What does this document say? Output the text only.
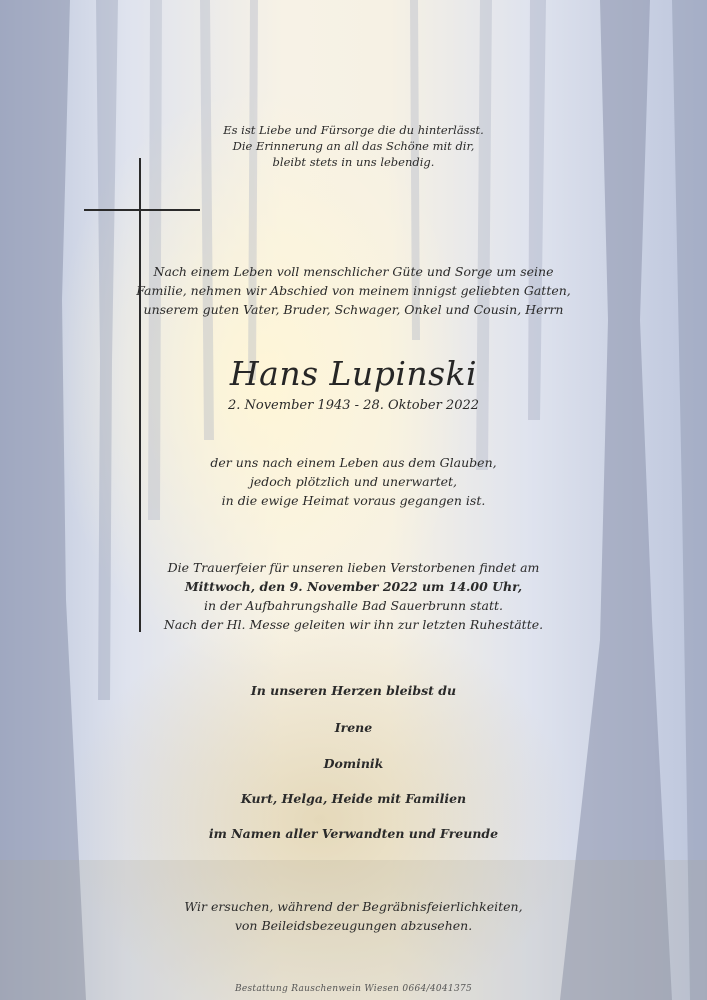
Es ist Liebe und Fürsorge die du hinterlässt.
Die Erinnerung an all das Schöne mit dir,
bleibt stets in uns lebendig.
Nach einem Leben voll menschlicher Güte und Sorge um seine
Familie, nehmen wir Abschied von meinem innigst geliebten Gatten,
unserem guten Vater, Bruder, Schwager, Onkel und Cousin, Herrn
Hans Lupinski
2. November 1943 - 28. Oktober 2022
der uns nach einem Leben aus dem Glauben,
jedoch plötzlich und unerwartet,
in die ewige Heimat voraus gegangen ist.
Die Trauerfeier für unseren lieben Verstorbenen findet am
Mittwoch, den 9. November 2022 um 14.00 Uhr,
in der Aufbahrungshalle Bad Sauerbrunn statt.
Nach der Hl. Messe geleiten wir ihn zur letzten Ruhestätte.
In unseren Herzen bleibst du
Irene
Dominik
Kurt, Helga, Heide mit Familien
im Namen aller Verwandten und Freunde
Wir ersuchen, während der Begräbnisfeierlichkeiten,
von Beileidsbezeugungen abzusehen.
Bestattung Rauschenwein Wiesen 0664/4041375
